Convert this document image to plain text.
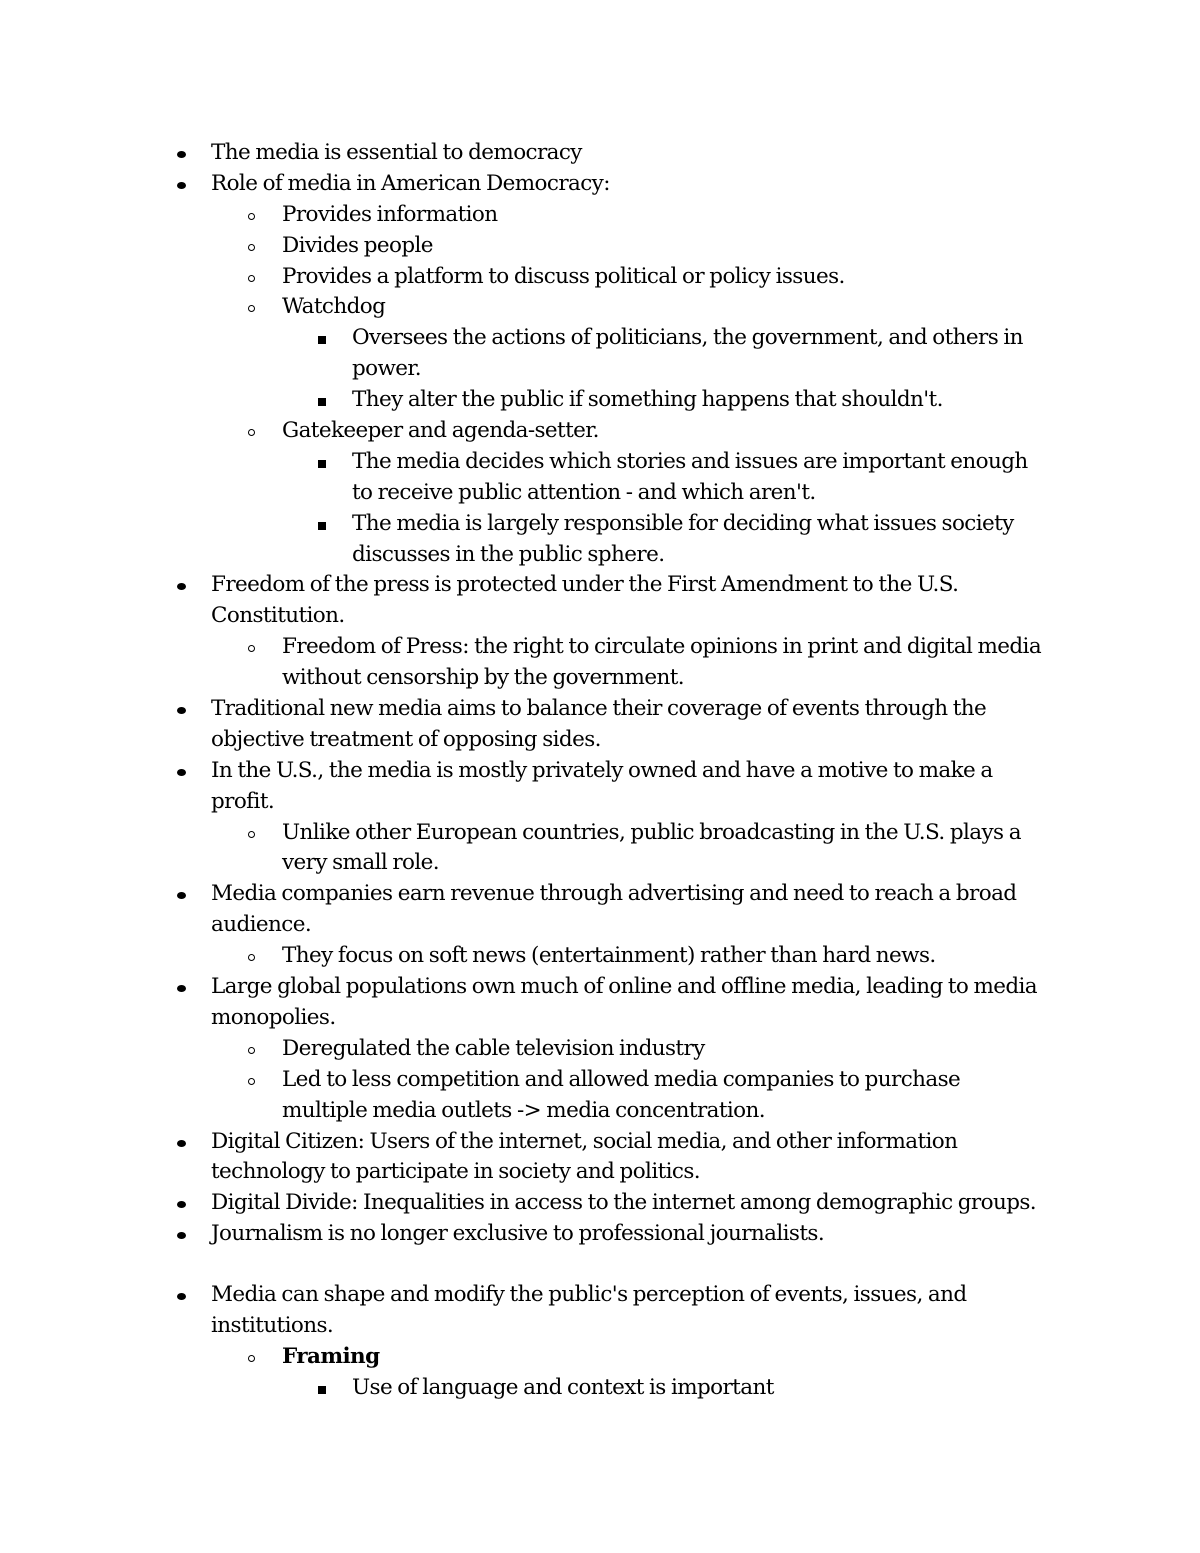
The media is essential to democracy
Role of media in American Democracy:
Provides information
Divides people
Provides a platform to discuss political or policy issues.
Watchdog
Oversees the actions of politicians, the government, and others in
power.
They alter the public if something happens that shouldn't.
Gatekeeper and agenda-setter.
The media decides which stories and issues are important enough
to receive public attention - and which aren't.
The media is largely responsible for deciding what issues society
discusses in the public sphere.
Freedom of the press is protected under the First Amendment to the U.S.
Constitution.
Freedom of Press: the right to circulate opinions in print and digital media
without censorship by the government.
Traditional new media aims to balance their coverage of events through the
objective treatment of opposing sides.
In the U.S., the media is mostly privately owned and have a motive to make a
profit.
Unlike other European countries, public broadcasting in the U.S. plays a
very small role.
Media companies earn revenue through advertising and need to reach a broad
audience.
They focus on soft news (entertainment) rather than hard news.
Large global populations own much of online and offline media, leading to media
monopolies.
Deregulated the cable television industry
Led to less competition and allowed media companies to purchase
multiple media outlets -> media concentration.
Digital Citizen: Users of the internet, social media, and other information
technology to participate in society and politics.
Digital Divide: Inequalities in access to the internet among demographic groups.
Journalism is no longer exclusive to professional journalists.
Media can shape and modify the public's perception of events, issues, and
institutions.
Framing
Use of language and context is important
